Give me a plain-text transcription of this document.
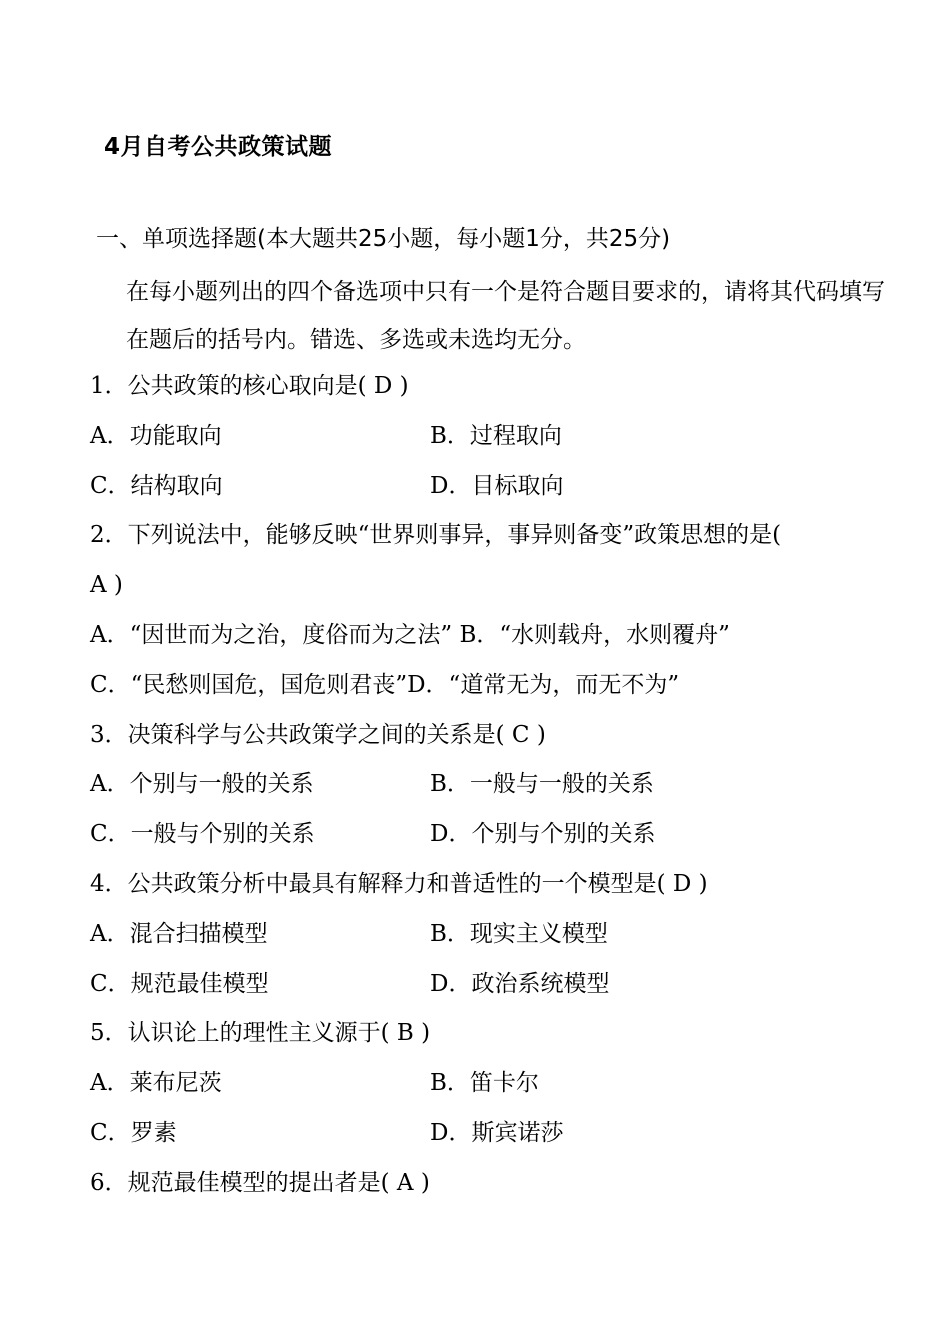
4月自考公共政策试题
一、单项选择题(本大题共25小题，每小题1分，共25分)
在每小题列出的四个备选项中只有一个是符合题目要求的，请将其代码填写在题后的括号内。错选、多选或未选均无分。
1．公共政策的核心取向是( D )
A．功能取向	B．过程取向
C．结构取向	D．目标取向
2．下列说法中，能够反映“世界则事异，事异则备变”政策思想的是(
A )
A．“因世而为之治，度俗而为之法” B．“水则载舟，水则覆舟”
C．“民愁则国危，国危则君丧”D．“道常无为，而无不为”
3．决策科学与公共政策学之间的关系是( C )
A．个别与一般的关系	B．一般与一般的关系
C．一般与个别的关系	D．个别与个别的关系
4．公共政策分析中最具有解释力和普适性的一个模型是( D )
A．混合扫描模型	B．现实主义模型
C．规范最佳模型	D．政治系统模型
5．认识论上的理性主义源于( B )
A．莱布尼茨	B．笛卡尔
C．罗素	D．斯宾诺莎
6．规范最佳模型的提出者是( A )
